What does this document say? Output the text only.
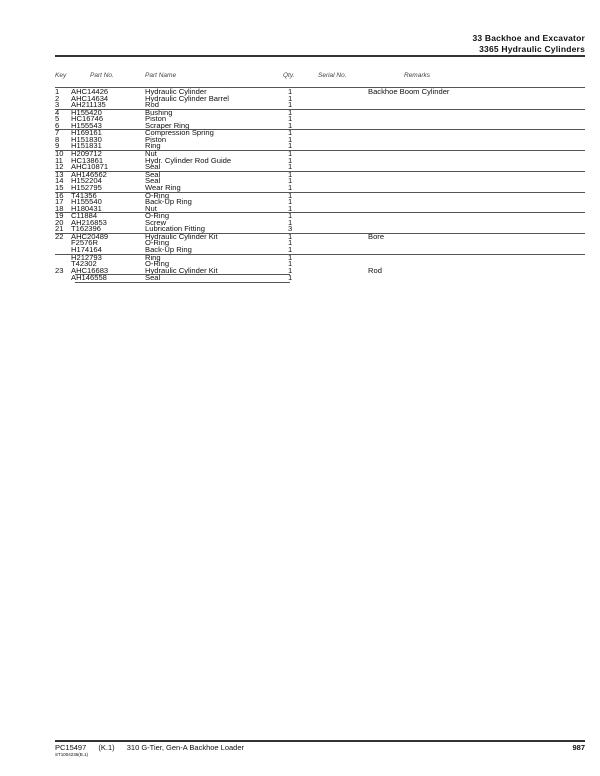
33 Backhoe and Excavator
3365 Hydraulic Cylinders
Key	Part No.	Part Name	Qty.	Serial No.	Remarks
1 AHC14426	Hydraulic Cylinder	1	Backhoe Boom Cylinder
2 AHC14634	Hydraulic Cylinder Barrel	1
3 AH211135	Rod	1
4 H155420	Bushing	1
5 HC16746	Piston	1
6 H155543	Scraper Ring	1
7 H169161	Compression Spring	1
8 H151830	Piston	1
9 H151831	Ring	1
10 H209712	Nut	1
11 HC13861	Hydr. Cylinder Rod Guide	1
12 AHC10871	Seal	1
13 AH146562	Seal	1
14 H152204	Seal	1
15 H152795	Wear Ring	1
16 T41356	O-Ring	1
17 H155540	Back-Up Ring	1
18 H180431	Nut	1
19 C11884	O-Ring	1
20 AH216853	Screw	1
21 T162396	Lubrication Fitting	3
22 AHC20489	Hydraulic Cylinder Kit	1	Bore
F2576R	O-Ring	1
H174164	Back-Up Ring	1
H212793	Ring	1
T42302	O-Ring	1
23 AHC16683	Hydraulic Cylinder Kit	1	Rod
AH146558	Seal	1
PC15497 (K.1) 310 G-Tier, Gen-A Backhoe Loader
ST1004236(B.1)
987
